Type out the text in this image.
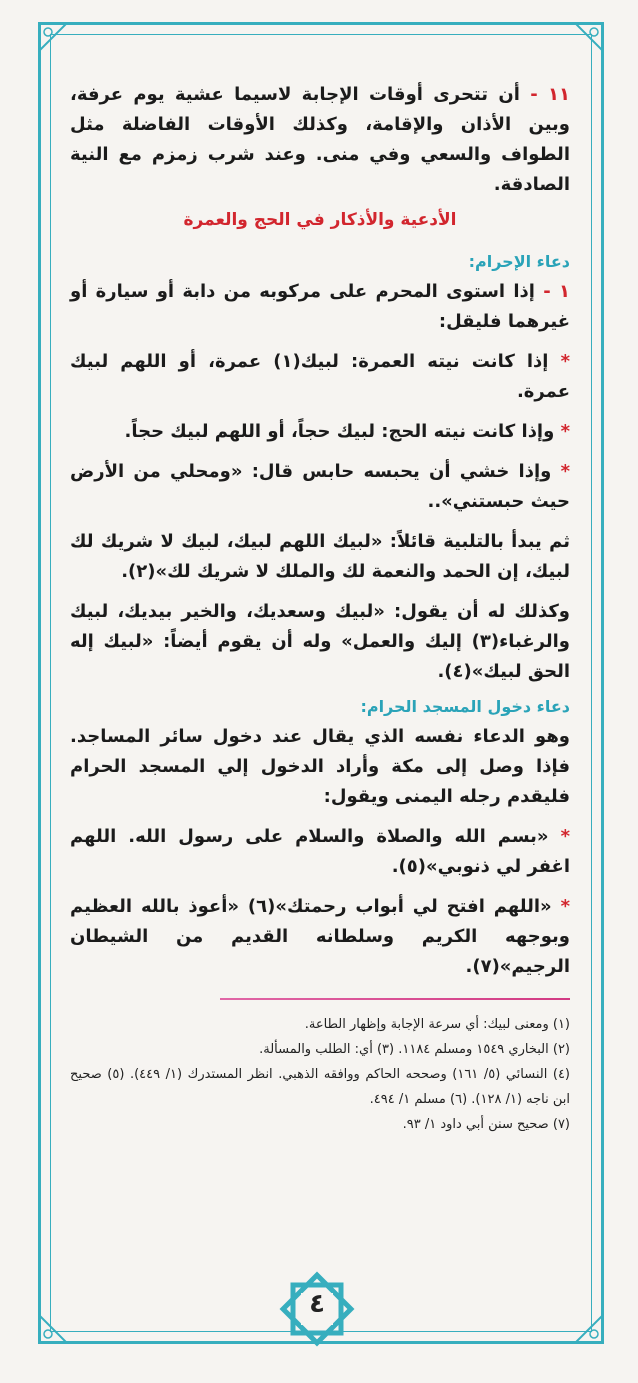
١١ - أن تتحرى أوقات الإجابة لاسيما عشية يوم عرفة، وبين الأذان والإقامة، وكذلك الأوقات الفاضلة مثل الطواف والسعي وفي منى. وعند شرب زمزم مع النية الصادقة.

الأدعية والأذكار في الحج والعمرة
دعاء الإحرام:

١ - إذا استوى المحرم على مركوبه من دابة أو سيارة أو غيرهما فليقل:

* إذا كانت نيته العمرة: لبيك(١) عمرة، أو اللهم لبيك عمرة.

* وإذا كانت نيته الحج: لبيك حجاً، أو اللهم لبيك حجاً.

* وإذا خشي أن يحبسه حابس قال: «ومحلي من الأرض حيث حبستني»..

ثم يبدأ بالتلبية قائلاً: «لبيك اللهم لبيك، لبيك لا شريك لك لبيك، إن الحمد والنعمة لك والملك لا شريك لك»(٢).

وكذلك له أن يقول: «لبيك وسعديك، والخير بيديك، لبيك والرغباء(٣) إليك والعمل» وله أن يقوم أيضاً: «لبيك إله الحق لبيك»(٤).

دعاء دخول المسجد الحرام:

وهو الدعاء نفسه الذي يقال عند دخول سائر المساجد. فإذا وصل إلى مكة وأراد الدخول إلي المسجد الحرام فليقدم رجله اليمنى ويقول:

* «بسم الله والصلاة والسلام على رسول الله. اللهم اغفر لي ذنوبي»(٥).

* «اللهم افتح لي أبواب رحمتك»(٦) «أعوذ بالله العظيم وبوجهه الكريم وسلطانه القديم من الشيطان الرجيم»(٧).

(١) ومعنى لبيك: أي سرعة الإجابة وإظهار الطاعة.

(٢) البخاري ١٥٤٩ ومسلم ١١٨٤. (٣) أي: الطلب والمسألة.

(٤) النسائي (٥/ ١٦١) وصححه الحاكم ووافقه الذهبي. انظر المستدرك (١/ ٤٤٩). (٥) صحيح ابن ناجه (١/ ١٢٨). (٦) مسلم ١/ ٤٩٤.

(٧) صحيح سنن أبي داود ١/ ٩٣.

٤
